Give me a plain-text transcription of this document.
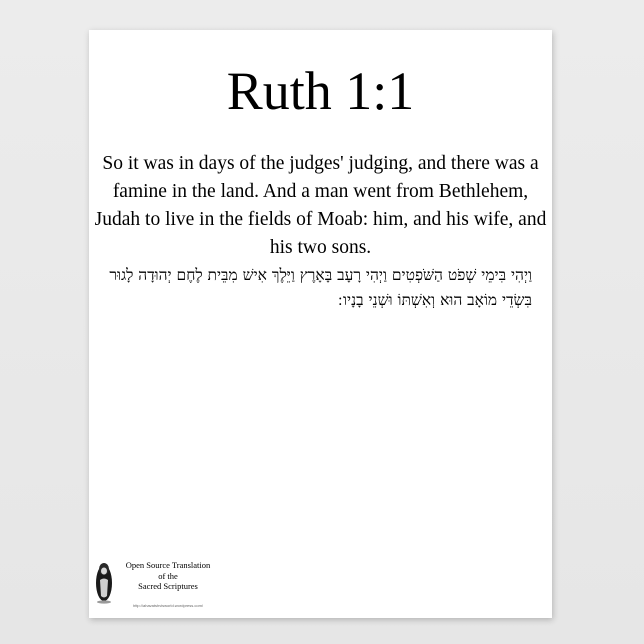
Ruth 1:1
So it was in days of the judges' judging, and there was a famine in the land. And a man went from Bethlehem, Judah to live in the fields of Moab: him, and his wife, and his two sons.
וַיְהִי בִּימֵי שְׁפֹט הַשֹּׁפְטִים וַיְהִי רָעָב בָּאָרֶץ וַיֵּלֶךְ אִישׁ מִבֵּית לֶחֶם יְהוּדָה לָגוּר בִּשְׂדֵי מוֹאָב הוּא וְאִשְׁתּוֹ וּשְׁנֵי בָנָיו ׃
Open Source Translation
of the
Sacred Scriptures
http://ahavatshvisworld.wordpress.com/
